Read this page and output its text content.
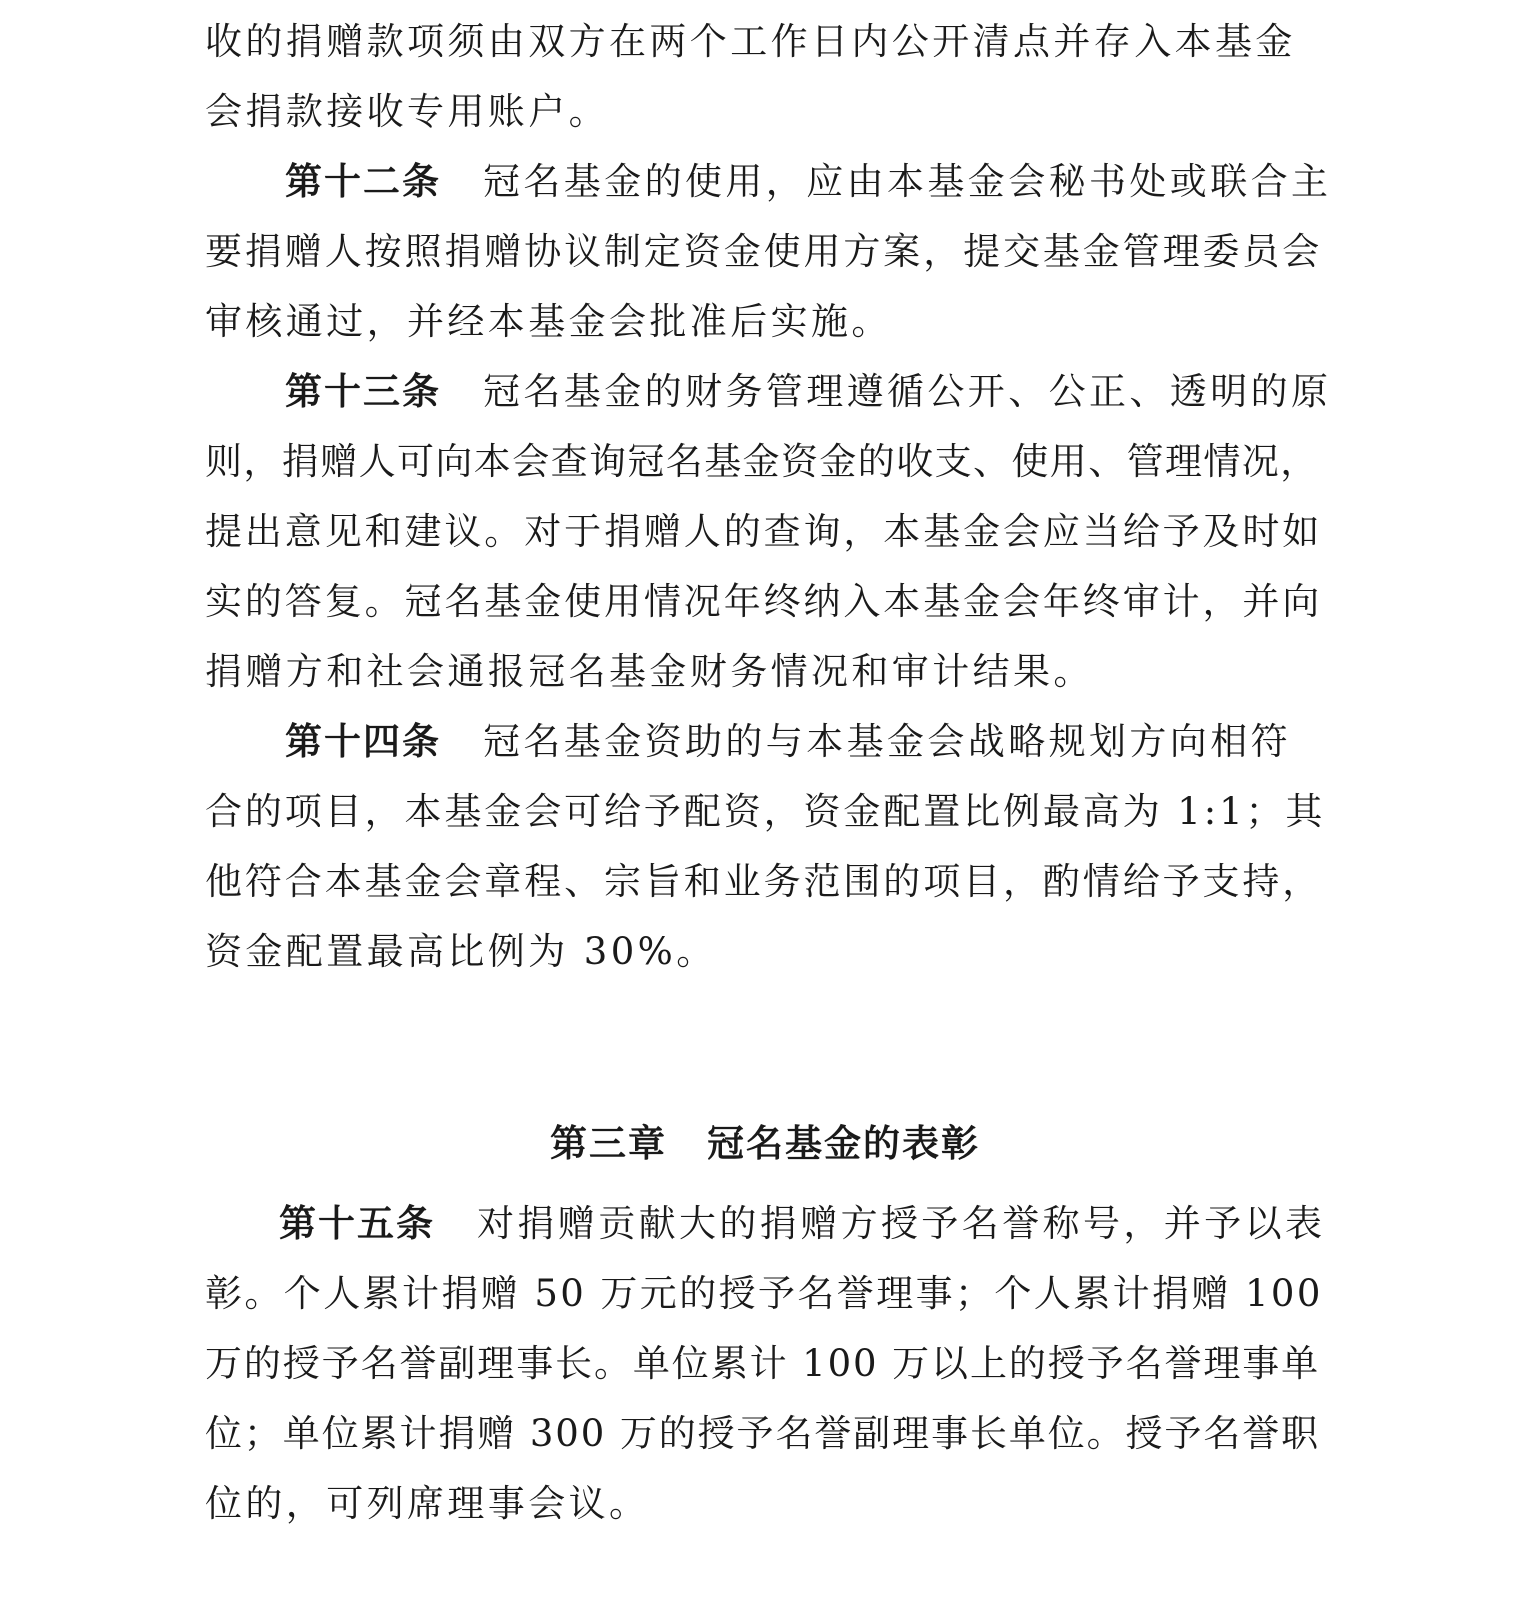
收的捐赠款项须由双方在两个工作日内公开清点并存入本基金
会捐款接收专用账户。
第十二条 冠名基金的使用，应由本基金会秘书处或联合主
要捐赠人按照捐赠协议制定资金使用方案，提交基金管理委员会
审核通过，并经本基金会批准后实施。
第十三条 冠名基金的财务管理遵循公开、公正、透明的原
则，捐赠人可向本会查询冠名基金资金的收支、使用、管理情况，
提出意见和建议。对于捐赠人的查询，本基金会应当给予及时如
实的答复。冠名基金使用情况年终纳入本基金会年终审计，并向
捐赠方和社会通报冠名基金财务情况和审计结果。
第十四条 冠名基金资助的与本基金会战略规划方向相符
合的项目，本基金会可给予配资，资金配置比例最高为 1:1；其
他符合本基金会章程、宗旨和业务范围的项目，酌情给予支持，
资金配置最高比例为 30%。
第三章 冠名基金的表彰
第十五条 对捐赠贡献大的捐赠方授予名誉称号，并予以表
彰。个人累计捐赠 50 万元的授予名誉理事；个人累计捐赠 100
万的授予名誉副理事长。单位累计 100 万以上的授予名誉理事单
位；单位累计捐赠 300 万的授予名誉副理事长单位。授予名誉职
位的，可列席理事会议。
